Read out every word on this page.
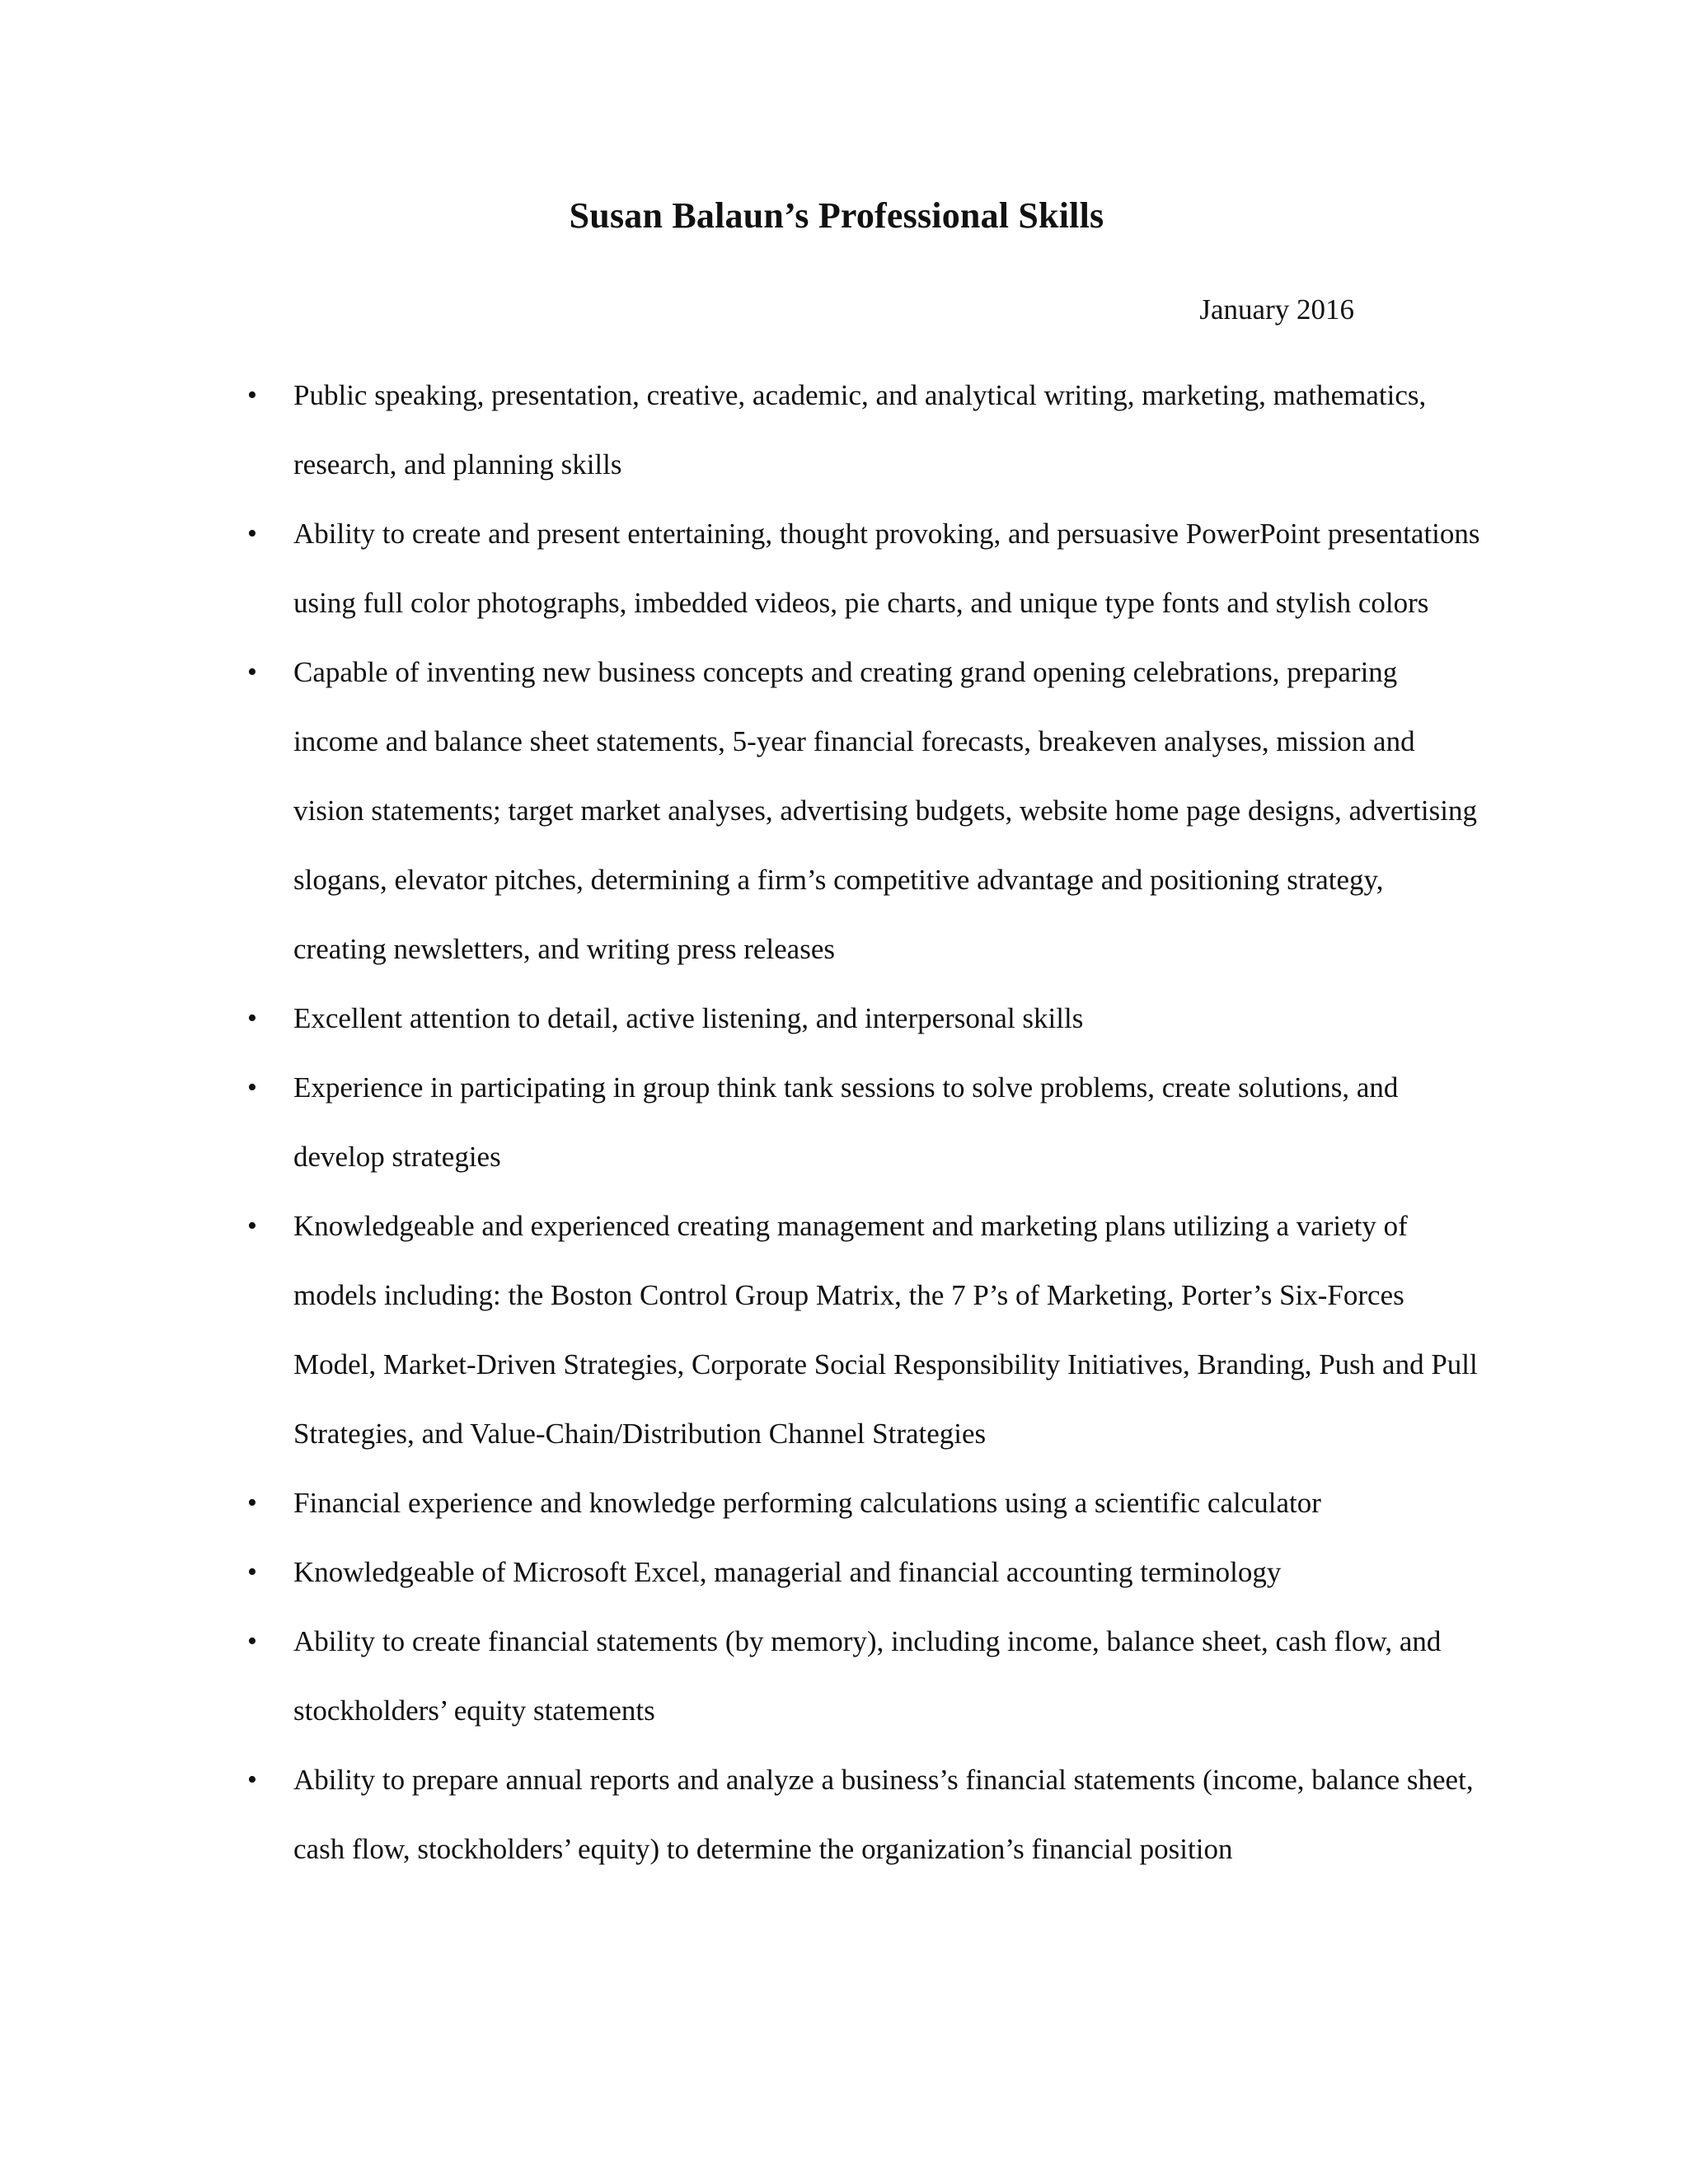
Susan Balaun’s Professional Skills

January 2016

• Public speaking, presentation, creative, academic, and analytical writing, marketing, mathematics, research, and planning skills
• Ability to create and present entertaining, thought provoking, and persuasive PowerPoint presentations using full color photographs, imbedded videos, pie charts, and unique type fonts and stylish colors
• Capable of inventing new business concepts and creating grand opening celebrations, preparing income and balance sheet statements, 5-year financial forecasts, breakeven analyses, mission and vision statements; target market analyses, advertising budgets, website home page designs, advertising slogans, elevator pitches, determining a firm’s competitive advantage and positioning strategy, creating newsletters, and writing press releases
• Excellent attention to detail, active listening, and interpersonal skills
• Experience in participating in group think tank sessions to solve problems, create solutions, and develop strategies
• Knowledgeable and experienced creating management and marketing plans utilizing a variety of models including: the Boston Control Group Matrix, the 7 P’s of Marketing, Porter’s Six-Forces Model, Market-Driven Strategies, Corporate Social Responsibility Initiatives, Branding, Push and Pull Strategies, and Value-Chain/Distribution Channel Strategies
• Financial experience and knowledge performing calculations using a scientific calculator
• Knowledgeable of Microsoft Excel, managerial and financial accounting terminology
• Ability to create financial statements (by memory), including income, balance sheet, cash flow, and stockholders’ equity statements
• Ability to prepare annual reports and analyze a business’s financial statements (income, balance sheet, cash flow, stockholders’ equity) to determine the organization’s financial position
